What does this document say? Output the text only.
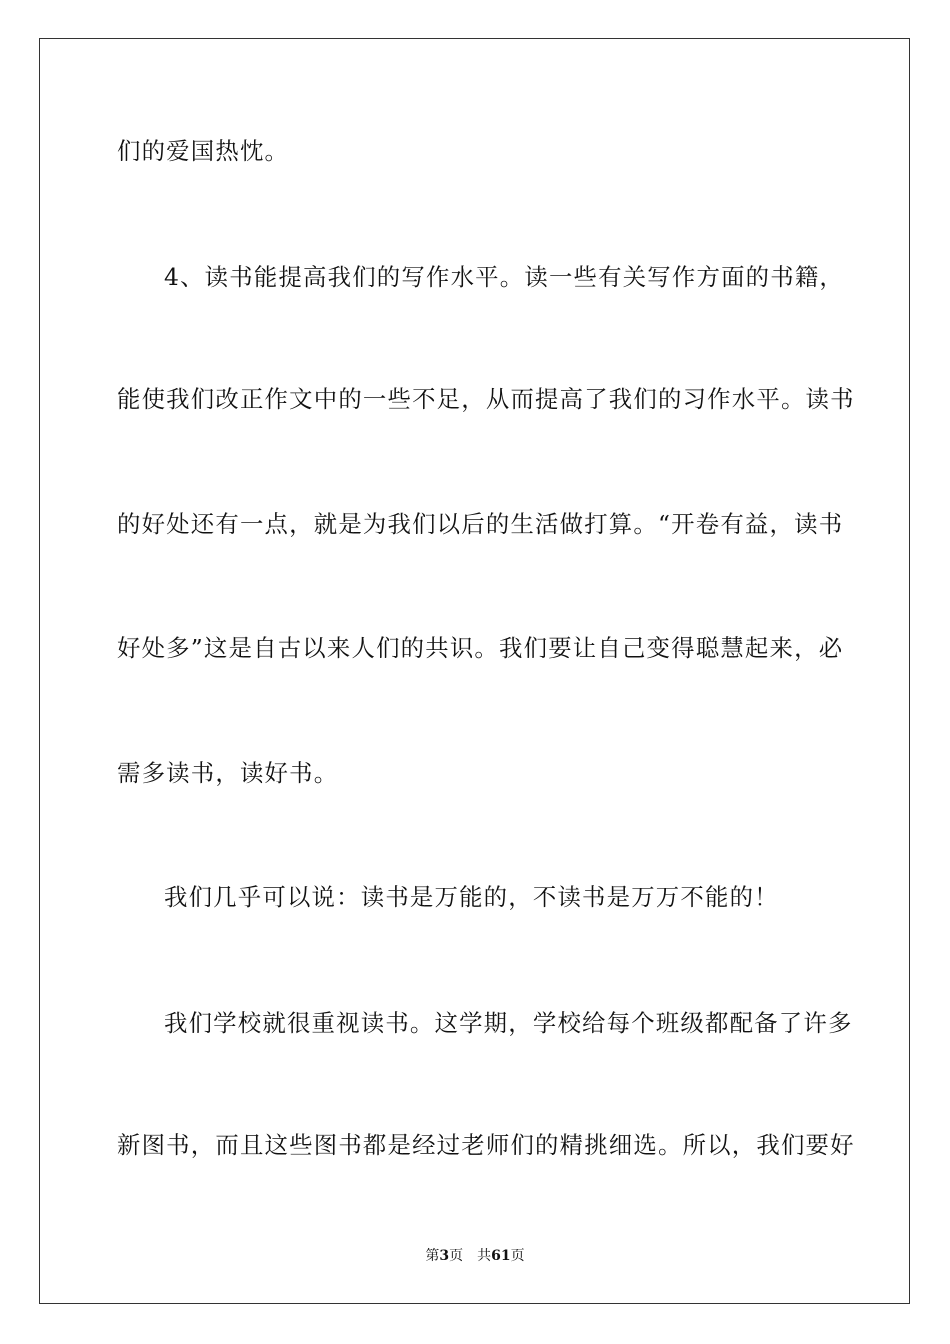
们的爱国热忱。
4、读书能提高我们的写作水平。读一些有关写作方面的书籍，
能使我们改正作文中的一些不足，从而提高了我们的习作水平。读书
的好处还有一点，就是为我们以后的生活做打算。“开卷有益，读书
好处多”这是自古以来人们的共识。我们要让自己变得聪慧起来，必
需多读书，读好书。
我们几乎可以说：读书是万能的，不读书是万万不能的！
我们学校就很重视读书。这学期，学校给每个班级都配备了许多
新图书，而且这些图书都是经过老师们的精挑细选。所以，我们要好
第3页 共61页
